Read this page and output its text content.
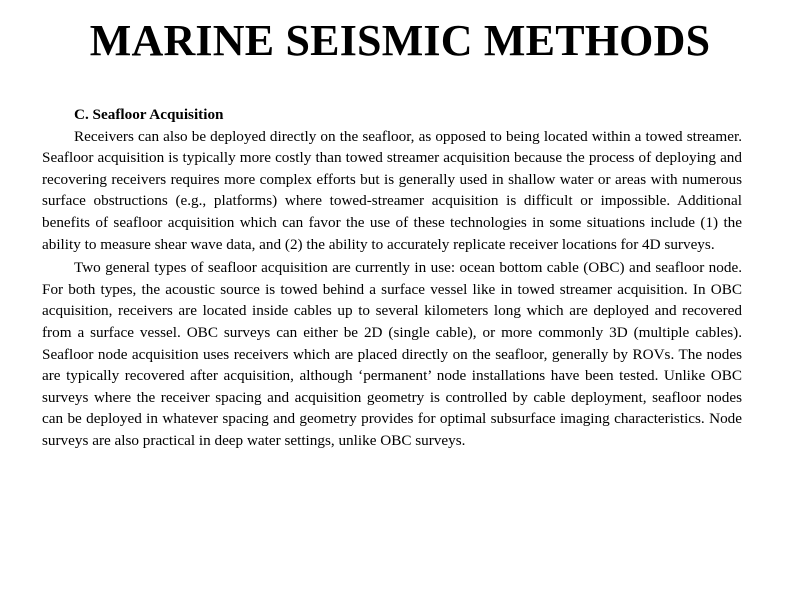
MARINE SEISMIC METHODS

C. Seafloor Acquisition

Receivers can also be deployed directly on the seafloor, as opposed to being located within a towed streamer. Seafloor acquisition is typically more costly than towed streamer acquisition because the process of deploying and recovering receivers requires more complex efforts but is generally used in shallow water or areas with numerous surface obstructions (e.g., platforms) where towed-streamer acquisition is difficult or impossible. Additional benefits of seafloor acquisition which can favor the use of these technologies in some situations include (1) the ability to measure shear wave data, and (2) the ability to accurately replicate receiver locations for 4D surveys.

Two general types of seafloor acquisition are currently in use: ocean bottom cable (OBC) and seafloor node. For both types, the acoustic source is towed behind a surface vessel like in towed streamer acquisition. In OBC acquisition, receivers are located inside cables up to several kilometers long which are deployed and recovered from a surface vessel. OBC surveys can either be 2D (single cable), or more commonly 3D (multiple cables). Seafloor node acquisition uses receivers which are placed directly on the seafloor, generally by ROVs. The nodes are typically recovered after acquisition, although ‘permanent’ node installations have been tested. Unlike OBC surveys where the receiver spacing and acquisition geometry is controlled by cable deployment, seafloor nodes can be deployed in whatever spacing and geometry provides for optimal subsurface imaging characteristics. Node surveys are also practical in deep water settings, unlike OBC surveys.
